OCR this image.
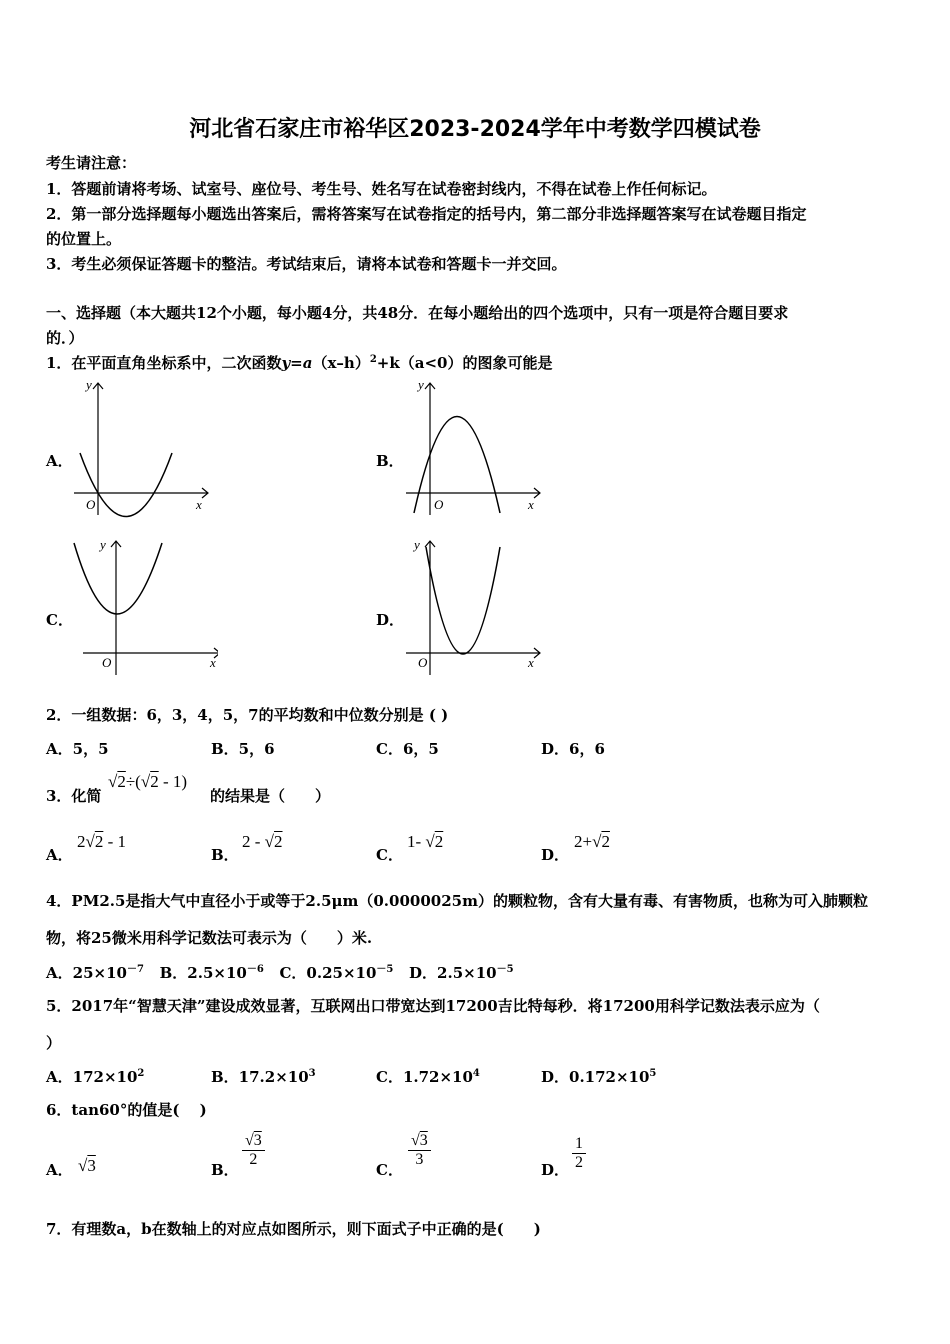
河北省石家庄市裕华区2023-2024学年中考数学四模试卷
考生请注意：
1．答题前请将考场、试室号、座位号、考生号、姓名写在试卷密封线内，不得在试卷上作任何标记。
2．第一部分选择题每小题选出答案后，需将答案写在试卷指定的括号内，第二部分非选择题答案写在试卷题目指定
的位置上。
3．考生必须保证答题卡的整洁。考试结束后，请将本试卷和答题卡一并交回。
一、选择题（本大题共12个小题，每小题4分，共48分．在每小题给出的四个选项中，只有一项是符合题目要求
的．）
1．在平面直角坐标系中，二次函数$y=a(x-h)^2+k(a<0)$的图象可能是
A．	B．
C．	D．
O	x
y
O	x
y
O	x
y
O	x
y
2．一组数据：6，3，4，5，7的平均数和中位数分别是 ( )
A．5，5	B．5，6	C．6，5	D．6，6
3．化简
√2÷(√2 - 1)
的结果是（　　）
A．
2√2 - 1
B．
2 - √2
C．
1- √2
D．
2+√2
4．PM2.5是指大气中直径小于或等于2.5μm（0.0000025m）的颗粒物，含有大量有毒、有害物质，也称为可入肺颗粒
物，将25微米用科学记数法可表示为（　　）米.
A．$25\times 10^{-7}$ B．$2.5\times 10^{-6}$ C．$0.25\times 10^{-5}$ D．$2.5\times 10^{-5}$
5．2017年“智慧天津”建设成效显著，互联网出口带宽达到17200吉比特每秒．将17200用科学记数法表示应为（
）
A．$172\times 10^2$	B．$17.2\times 10^3$	C．$1.72\times 10^4$	D．$0.172\times 10^5$
6．tan60°的值是(　 )
A． √3	B．
$\frac{√3}{2}$
C．
$\frac{√3}{3}$
D． $\frac{1}{2}$
7．有理数a，b在数轴上的对应点如图所示，则下面式子中正确的是(　　)
